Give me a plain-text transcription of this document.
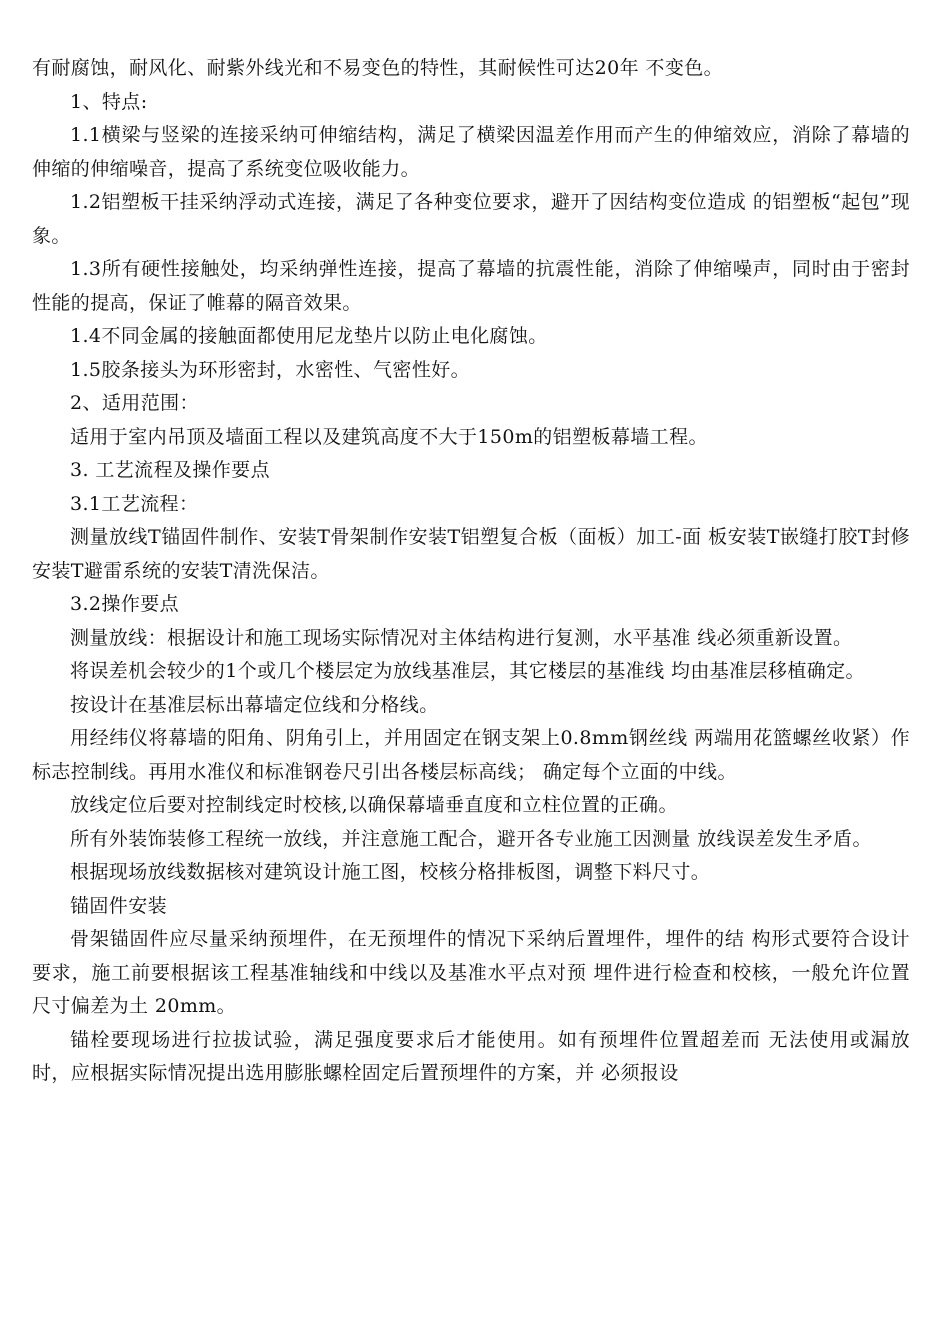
有耐腐蚀，耐风化、耐紫外线光和不易变色的特性，其耐候性可达20年 不变色。

1、特点:

1.1横梁与竖梁的连接采纳可伸缩结构，满足了横梁因温差作用而产生的伸缩效应，消除了幕墙的伸缩的伸缩噪音，提高了系统变位吸收能力。

1.2铝塑板干挂采纳浮动式连接，满足了各种变位要求，避开了因结构变位造成 的铝塑板“起包”现象。

1.3所有硬性接触处，均采纳弹性连接，提高了幕墙的抗震性能，消除了伸缩噪声，同时由于密封性能的提高，保证了帷幕的隔音效果。

1.4不同金属的接触面都使用尼龙垫片以防止电化腐蚀。

1.5胶条接头为环形密封，水密性、气密性好。

2、适用范围：

适用于室内吊顶及墙面工程以及建筑高度不大于150m的铝塑板幕墙工程。

3. 工艺流程及操作要点

3.1工艺流程：

测量放线T锚固件制作、安装T骨架制作安装T铝塑复合板（面板）加工-面 板安装T嵌缝打胶T封修安装T避雷系统的安装T清洗保洁。

3.2操作要点

测量放线：根据设计和施工现场实际情况对主体结构进行复测，水平基准 线必须重新设置。

将误差机会较少的1个或几个楼层定为放线基准层，其它楼层的基准线 均由基准层移植确定。

按设计在基准层标出幕墙定位线和分格线。

用经纬仪将幕墙的阳角、阴角引上，并用固定在钢支架上0.8mm钢丝线 两端用花篮螺丝收紧）作标志控制线。再用水准仪和标准钢卷尺引出各楼层标高线； 确定每个立面的中线。

放线定位后要对控制线定时校核,以确保幕墙垂直度和立柱位置的正确。

所有外装饰装修工程统一放线，并注意施工配合，避开各专业施工因测量 放线误差发生矛盾。

根据现场放线数据核对建筑设计施工图，校核分格排板图，调整下料尺寸。

锚固件安装

骨架锚固件应尽量采纳预埋件，在无预埋件的情况下采纳后置埋件，埋件的结 构形式要符合设计要求，施工前要根据该工程基准轴线和中线以及基准水平点对预 埋件进行检查和校核，一般允许位置尺寸偏差为土 20mm。

锚栓要现场进行拉拔试验，满足强度要求后才能使用。如有预埋件位置超差而 无法使用或漏放时，应根据实际情况提出选用膨胀螺栓固定后置预埋件的方案，并 必须报设
